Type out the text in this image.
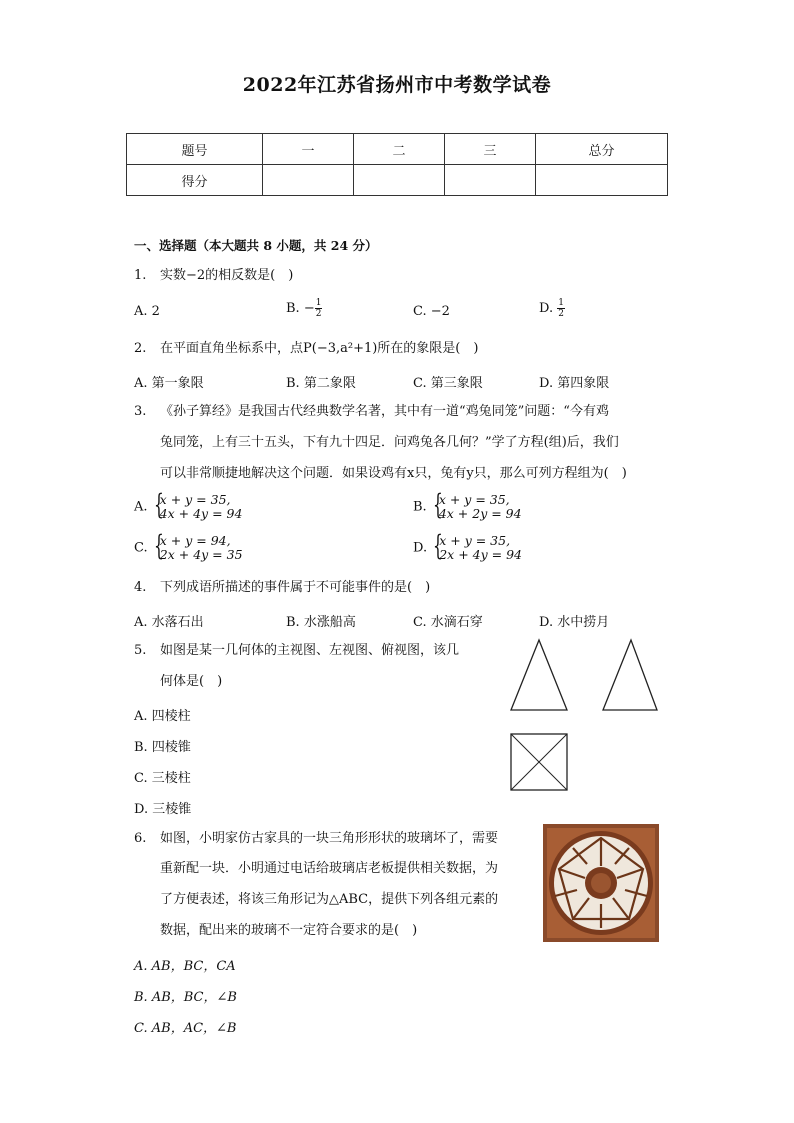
2022年江苏省扬州市中考数学试卷
题号	一	二	三	总分
得分				
一、选择题（本大题共 8 小题，共 24 分）
1. 实数−2的相反数是(　)
A. 2	B. − $\frac{1}{2}$	C. −2	D. $\frac{1}{2}$
2. 在平面直角坐标系中，点P(−3,a²+1)所在的象限是(　)
A. 第一象限	B. 第二象限	C. 第三象限	D. 第四象限
3. 《孙子算经》是我国古代经典数学名著，其中有一道“鸡兔同笼”问题：“今有鸡
兔同笼，上有三十五头，下有九十四足．问鸡兔各几何？”学了方程(组)后，我们
可以非常顺捷地解决这个问题．如果设鸡有x只，兔有y只，那么可列方程组为(　)
A. { x + y = 35,
4x + 4y = 94	B. { x + y = 35,
4x + 2y = 94
C. { x + y = 94,
2x + 4y = 35	D. { x + y = 35,
2x + 4y = 94
4. 下列成语所描述的事件属于不可能事件的是(　)
A. 水落石出	B. 水涨船高	C. 水滴石穿	D. 水中捞月
5. 如图是某一几何体的主视图、左视图、俯视图，该几
何体是(　)
A. 四棱柱
B. 四棱锥
C. 三棱柱
D. 三棱锥
6. 如图，小明家仿古家具的一块三角形形状的玻璃坏了，需要
重新配一块．小明通过电话给玻璃店老板提供相关数据，为
了方便表述，将该三角形记为△ABC，提供下列各组元素的
数据，配出来的玻璃不一定符合要求的是(　)
A. AB，BC，CA
B. AB，BC，∠B
C. AB，AC，∠B
